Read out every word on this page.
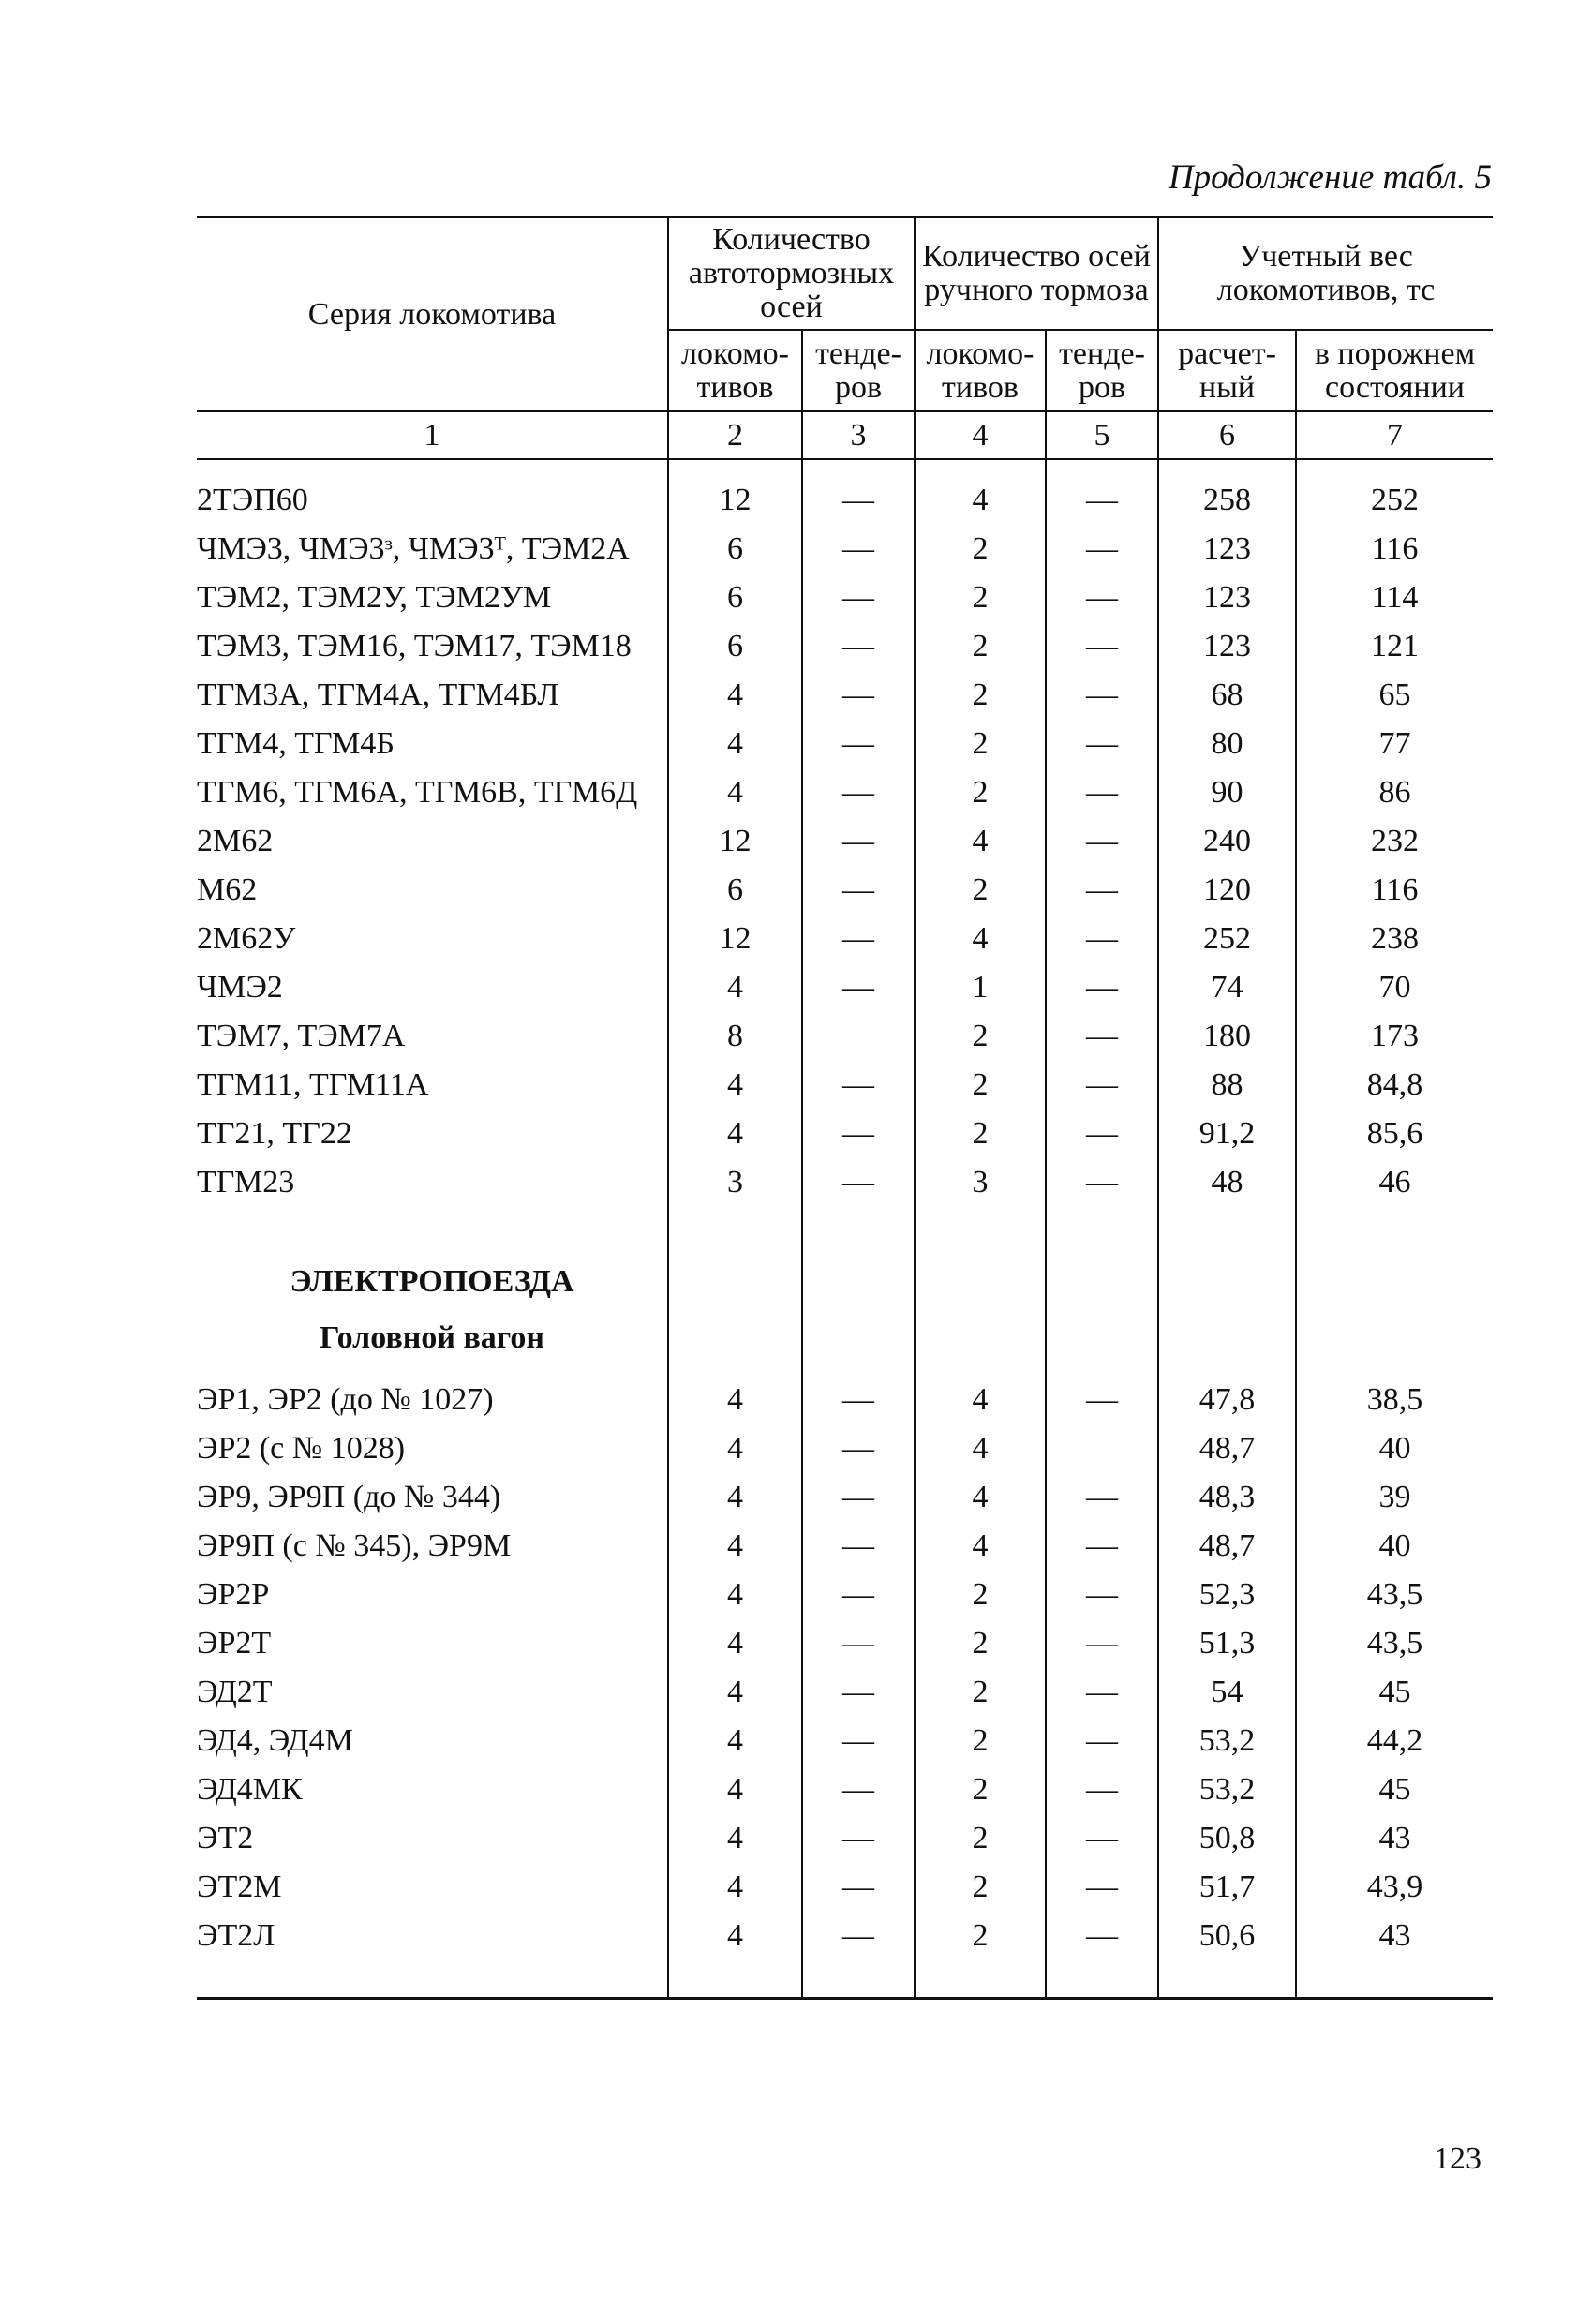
Продолжение табл. 5
Серия локомотива	Количество автотормозных осей		Количество осей ручного тормоза		Учетный вес локомотивов, тс	
	локомо-тивов	тенде-ров	локомо-тивов	тенде-ров	расчет-ный	в порожнем состоянии
1	2	3	4	5	6	7

2ТЭП60	12	—	4	—	258	252
ЧМЭ3, ЧМЭ3ᵌ, ЧМЭ3ᵀ, ТЭМ2А	6	—	2	—	123	116
ТЭМ2, ТЭМ2У, ТЭМ2УМ	6	—	2	—	123	114
ТЭМ3, ТЭМ16, ТЭМ17, ТЭМ18	6	—	2	—	123	121
ТГМ3А, ТГМ4А, ТГМ4БЛ	4	—	2	—	68	65
ТГМ4, ТГМ4Б	4	—	2	—	80	77
ТГМ6, ТГМ6А, ТГМ6В, ТГМ6Д	4	—	2	—	90	86
2М62	12	—	4	—	240	232
М62	6	—	2	—	120	116
2М62У	12	—	4	—	252	238
ЧМЭ2	4	—	1	—	74	70
ТЭМ7, ТЭМ7А	8		2	—	180	173
ТГМ11, ТГМ11А	4	—	2	—	88	84,8
ТГ21, ТГ22	4	—	2	—	91,2	85,6
ТГМ23	3	—	3	—	48	46
ЭЛЕКТРОПОЕЗДА						
Головной вагон						
ЭР1, ЭР2 (до № 1027)	4	—	4	—	47,8	38,5
ЭР2 (с № 1028)	4	—	4		48,7	40
ЭР9, ЭР9П (до № 344)	4	—	4	—	48,3	39
ЭР9П (с № 345), ЭР9М	4	—	4	—	48,7	40
ЭР2Р	4	—	2	—	52,3	43,5
ЭР2Т	4	—	2	—	51,3	43,5
ЭД2Т	4	—	2	—	54	45
ЭД4, ЭД4М	4	—	2	—	53,2	44,2
ЭД4МК	4	—	2	—	53,2	45
ЭТ2	4	—	2	—	50,8	43
ЭТ2М	4	—	2	—	51,7	43,9
ЭТ2Л	4	—	2	—	50,6	43
123
